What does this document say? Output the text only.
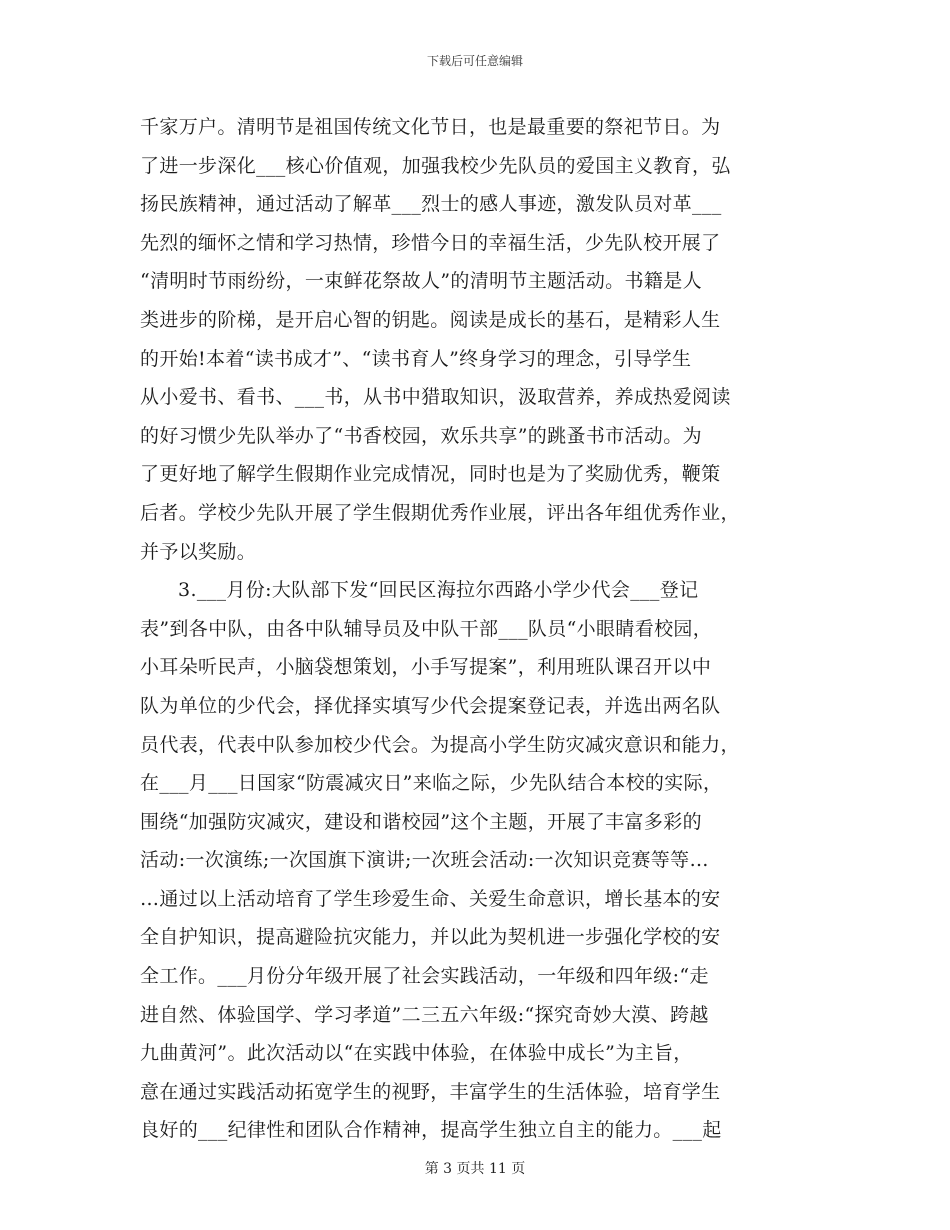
下载后可任意编辑
千家万户。清明节是祖国传统文化节日，也是最重要的祭祀节日。为
了进一步深化___核心价值观，加强我校少先队员的爱国主义教育，弘
扬民族精神，通过活动了解革___烈士的感人事迹，激发队员对革___
先烈的缅怀之情和学习热情，珍惜今日的幸福生活，少先队校开展了
“清明时节雨纷纷，一束鲜花祭故人”的清明节主题活动。书籍是人
类进步的阶梯，是开启心智的钥匙。阅读是成长的基石，是精彩人生
的开始!本着“读书成才”、“读书育人”终身学习的理念，引导学生
从小爱书、看书、___书，从书中猎取知识，汲取营养，养成热爱阅读
的好习惯少先队举办了“书香校园，欢乐共享”的跳蚤书市活动。为
了更好地了解学生假期作业完成情况，同时也是为了奖励优秀，鞭策
后者。学校少先队开展了学生假期优秀作业展，评出各年组优秀作业，
并予以奖励。
3.___月份:大队部下发“回民区海拉尔西路小学少代会___登记
表”到各中队，由各中队辅导员及中队干部___队员“小眼睛看校园，
小耳朵听民声，小脑袋想策划，小手写提案”，利用班队课召开以中
队为单位的少代会，择优择实填写少代会提案登记表，并选出两名队
员代表，代表中队参加校少代会。为提高小学生防灾减灾意识和能力，
在___月___日国家“防震减灾日”来临之际，少先队结合本校的实际，
围绕“加强防灾减灾，建设和谐校园”这个主题，开展了丰富多彩的
活动:一次演练;一次国旗下演讲;一次班会活动:一次知识竞赛等等…
…通过以上活动培育了学生珍爱生命、关爱生命意识，增长基本的安
全自护知识，提高避险抗灾能力，并以此为契机进一步强化学校的安
全工作。___月份分年级开展了社会实践活动，一年级和四年级:“走
进自然、体验国学、学习孝道”二三五六年级:“探究奇妙大漠、跨越
九曲黄河”。此次活动以“在实践中体验，在体验中成长”为主旨，
意在通过实践活动拓宽学生的视野，丰富学生的生活体验，培育学生
良好的___纪律性和团队合作精神，提高学生独立自主的能力。___起
第 3 页共 11 页
